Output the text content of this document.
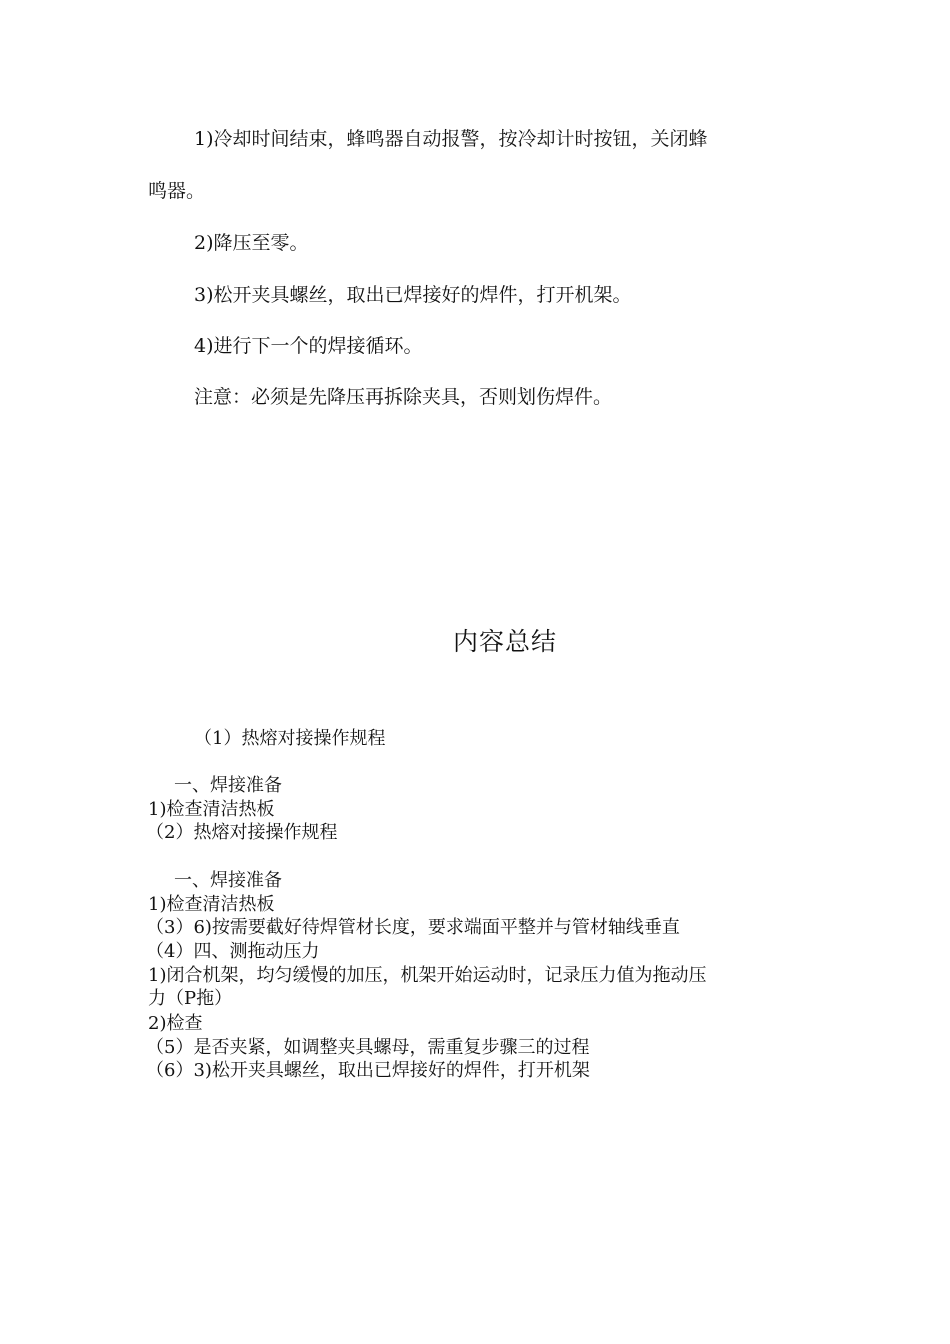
1)冷却时间结束，蜂鸣器自动报警，按冷却计时按钮，关闭蜂
鸣器。
2)降压至零。
3)松开夹具螺丝，取出已焊接好的焊件，打开机架。
4)进行下一个的焊接循环。
注意：必须是先降压再拆除夹具，否则划伤焊件。
内容总结
（1）热熔对接操作规程
一、焊接准备
1)检查清洁热板
（2）热熔对接操作规程
一、焊接准备
1)检查清洁热板
（3）6)按需要截好待焊管材长度，要求端面平整并与管材轴线垂直
（4）四、测拖动压力
1)闭合机架，均匀缓慢的加压，机架开始运动时，记录压力值为拖动压
力（P拖）
2)检查
（5）是否夹紧，如调整夹具螺母，需重复步骤三的过程
（6）3)松开夹具螺丝，取出已焊接好的焊件，打开机架
